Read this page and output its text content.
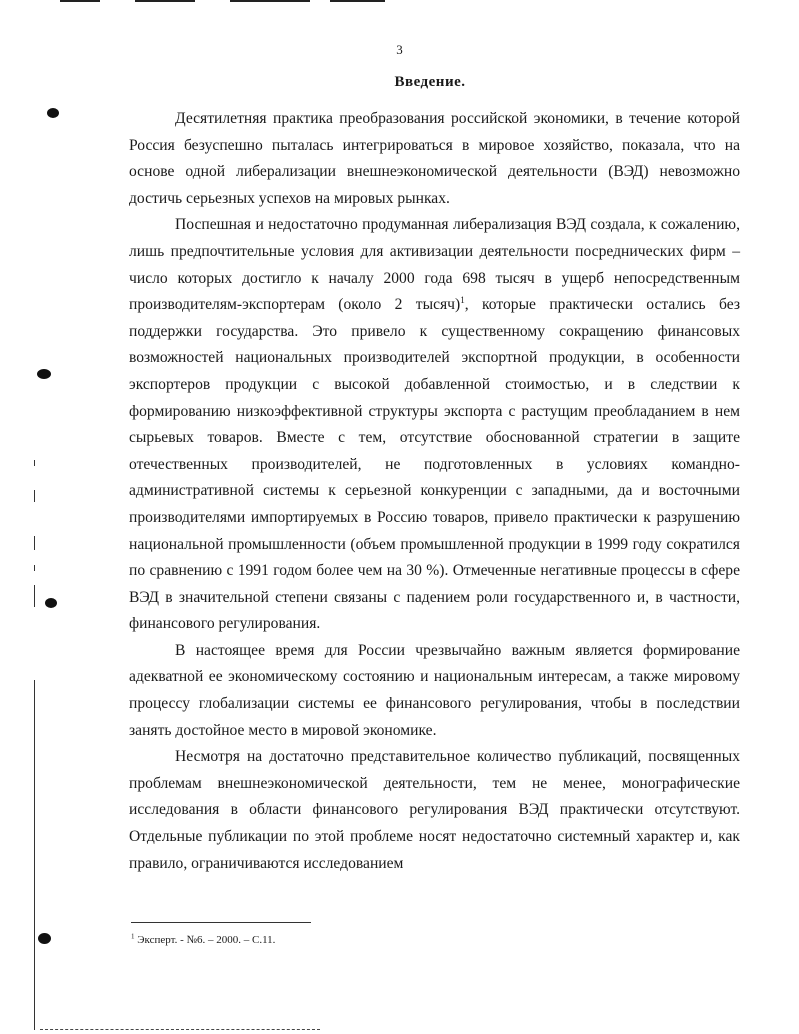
3
Введение.

Десятилетняя практика преобразования российской экономики, в течение которой Россия безуспешно пыталась интегрироваться в мировое хозяйство, показала, что на основе одной либерализации внешнеэкономической деятельности (ВЭД) невозможно достичь серьезных успехов на мировых рынках.

Поспешная и недостаточно продуманная либерализация ВЭД создала, к сожалению, лишь предпочтительные условия для активизации деятельности посреднических фирм – число которых достигло к началу 2000 года 698 тысяч в ущерб непосредственным производителям-экспортерам (около 2 тысяч)$^1$, которые практически остались без поддержки государства. Это привело к существенному сокращению финансовых возможностей национальных производителей экспортной продукции, в особенности экспортеров продукции с высокой добавленной стоимостью, и в следствии к формированию низкоэффективной структуры экспорта с растущим преобладанием в нем сырьевых товаров. Вместе с тем, отсутствие обоснованной стратегии в защите отечественных производителей, не подготовленных в условиях командно-административной системы к серьезной конкуренции с западными, да и восточными производителями импортируемых в Россию товаров, привело практически к разрушению национальной промышленности (объем промышленной продукции в 1999 году сократился по сравнению с 1991 годом более чем на 30 %). Отмеченные негативные процессы в сфере ВЭД в значительной степени связаны с падением роли государственного и, в частности, финансового регулирования.

В настоящее время для России чрезвычайно важным является формирование адекватной ее экономическому состоянию и национальным интересам, а также мировому процессу глобализации системы ее финансового регулирования, чтобы в последствии занять достойное место в мировой экономике.

Несмотря на достаточно представительное количество публикаций, посвященных проблемам внешнеэкономической деятельности, тем не менее, монографические исследования в области финансового регулирования ВЭД практически отсутствуют. Отдельные публикации по этой проблеме носят недостаточно системный характер и, как правило, ограничиваются исследованием

$^1$ Эксперт. - №6. – 2000. – С.11.
